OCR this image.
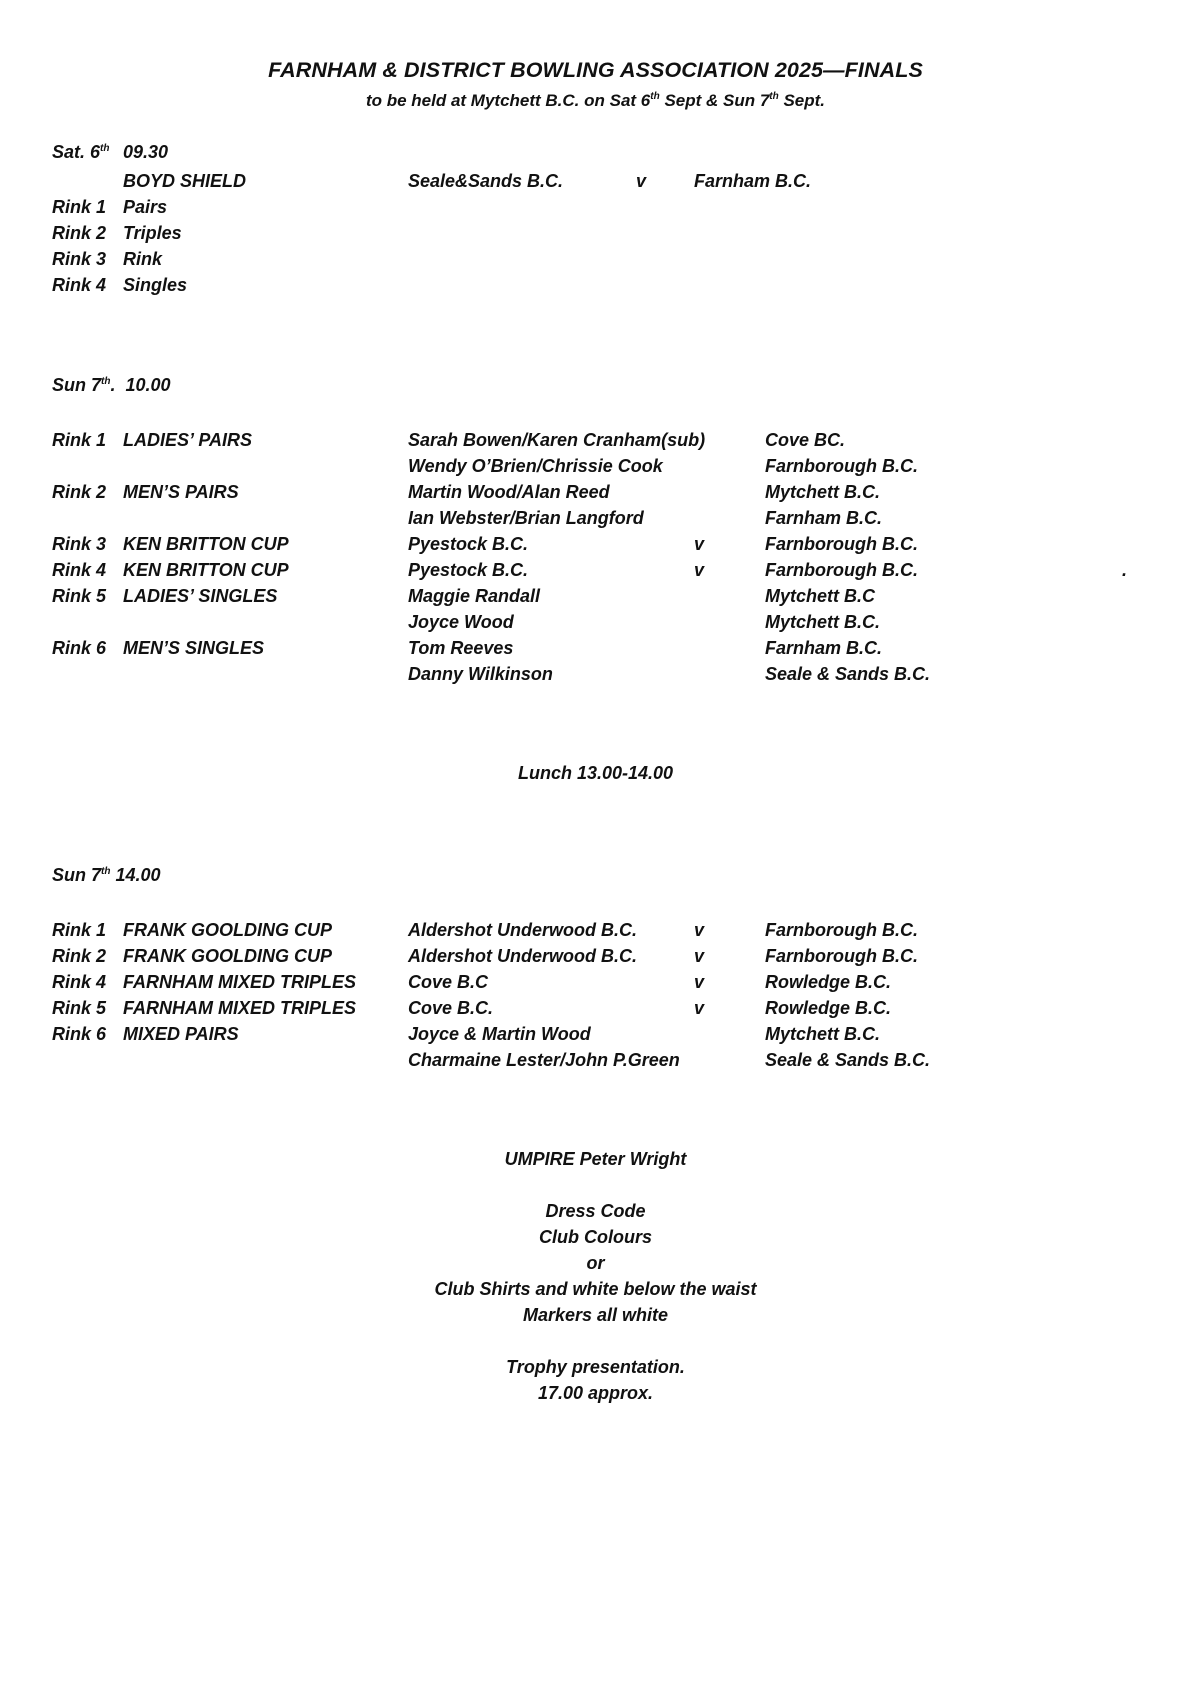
FARNHAM & DISTRICT BOWLING ASSOCIATION 2025—FINALS
to be held at Mytchett B.C. on Sat 6th Sept & Sun 7th Sept.
Sat. 6th 09.30
BOYD SHIELD	Seale&Sands B.C.	v	Farnham B.C.
Rink 1 Pairs
Rink 2 Triples
Rink 3 Rink
Rink 4 Singles
Sun 7th.  10.00
Rink 1 LADIES’ PAIRS	Sarah Bowen/Karen Cranham(sub)	Cove BC.
Wendy O’Brien/Chrissie Cook	Farnborough B.C.
Rink 2 MEN’S PAIRS	Martin Wood/Alan Reed	Mytchett B.C.
Ian Webster/Brian Langford	Farnham B.C.
Rink 3 KEN BRITTON CUP	Pyestock B.C.	v	Farnborough B.C.
Rink 4 KEN BRITTON CUP	Pyestock B.C.	v	Farnborough B.C.
Rink 5 LADIES’ SINGLES	Maggie Randall	Mytchett B.C
Joyce Wood	Mytchett B.C.
Rink 6 MEN’S SINGLES	Tom Reeves	Farnham B.C.
Danny Wilkinson	Seale & Sands B.C.
.
Lunch 13.00-14.00
Sun 7th 14.00
Rink 1 FRANK GOOLDING CUP	Aldershot Underwood B.C.	v	Farnborough B.C.
Rink 2 FRANK GOOLDING CUP	Aldershot Underwood B.C.	v	Farnborough B.C.
Rink 4 FARNHAM MIXED TRIPLES	Cove B.C	v	Rowledge B.C.
Rink 5 FARNHAM MIXED TRIPLES	Cove B.C.	v	Rowledge B.C.
Rink 6 MIXED PAIRS	Joyce & Martin Wood	Mytchett B.C.
Charmaine Lester/John P.Green	Seale & Sands B.C.
UMPIRE Peter Wright
Dress Code
Club Colours
or
Club Shirts and white below the waist
Markers all white
Trophy presentation.
17.00 approx.
